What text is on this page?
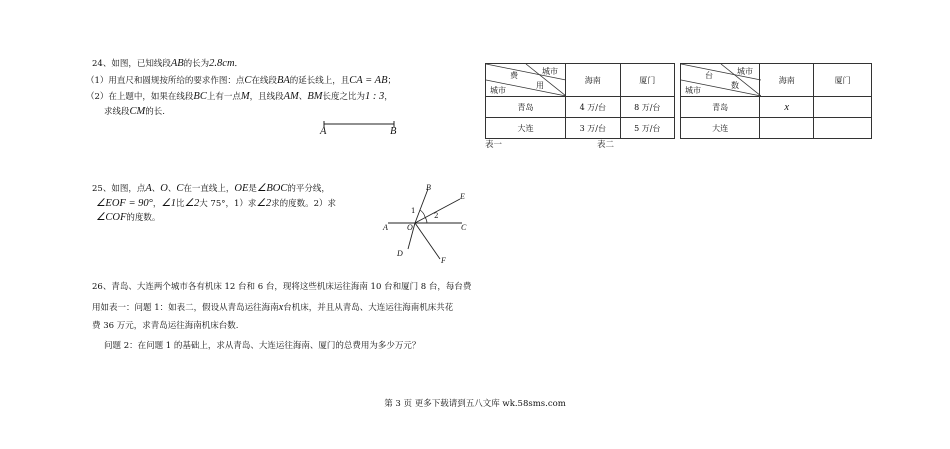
24、如图，已知线段AB的长为2.8cm．
（1）用直尺和圆规按所给的要求作图：点C在线段BA的延长线上，且CA = AB；
（2）在上题中，如果在线段BC上有一点M，且线段AM、BM长度之比为1 : 3，
求线段CM的长.
A	B
城市
费
用
城市	海南	厦门
青岛	4 万/台	8 万/台
大连	3 万/台	5 万/台
表一
城市
台
数
城市	海南	厦门
青岛	x	
大连		
表二
25、如图，点A、O、C在一直线上，OE是∠BOC的平分线，
∠EOF = 90°，∠1比∠2大 75°，1）求∠2求的度数。2）求
∠COF的度数。
A
B
C
D
E
F
O
1
2
26、青岛、大连两个城市各有机床 12 台和 6 台，现将这些机床运往海南 10 台和厦门 8 台，每台费
用如表一：问题 1：如表二，假设从青岛运往海南x台机床，并且从青岛、大连运往海南机床共花
费 36 万元，求青岛运往海南机床台数.
问题 2：在问题 1 的基础上，求从青岛、大连运往海南、厦门的总费用为多少万元？
第 3 页 更多下载请到五八文库 wk.58sms.com
